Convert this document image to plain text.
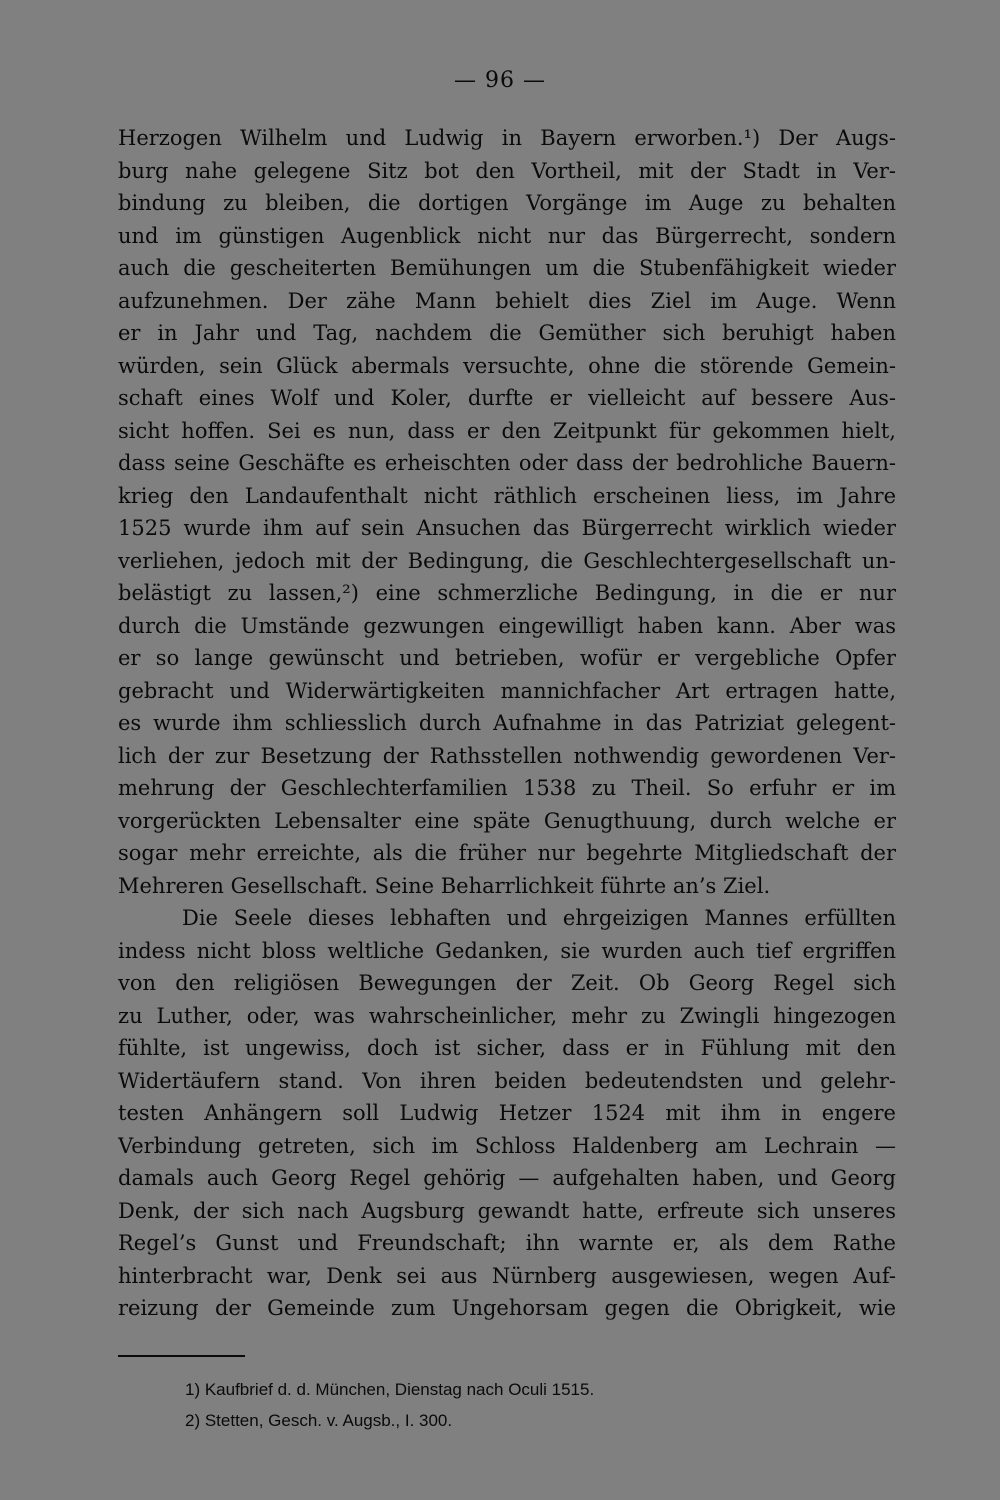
— 96 —
Herzogen Wilhelm und Ludwig in Bayern erworben.¹) Der Augs-
burg nahe gelegene Sitz bot den Vortheil, mit der Stadt in Ver-
bindung zu bleiben, die dortigen Vorgänge im Auge zu behalten
und im günstigen Augenblick nicht nur das Bürgerrecht, sondern
auch die gescheiterten Bemühungen um die Stubenfähigkeit wieder
aufzunehmen. Der zähe Mann behielt dies Ziel im Auge. Wenn
er in Jahr und Tag, nachdem die Gemüther sich beruhigt haben
würden, sein Glück abermals versuchte, ohne die störende Gemein-
schaft eines Wolf und Koler, durfte er vielleicht auf bessere Aus-
sicht hoffen. Sei es nun, dass er den Zeitpunkt für gekommen hielt,
dass seine Geschäfte es erheischten oder dass der bedrohliche Bauern-
krieg den Landaufenthalt nicht räthlich erscheinen liess, im Jahre
1525 wurde ihm auf sein Ansuchen das Bürgerrecht wirklich wieder
verliehen, jedoch mit der Bedingung, die Geschlechtergesellschaft un-
belästigt zu lassen,²) eine schmerzliche Bedingung, in die er nur
durch die Umstände gezwungen eingewilligt haben kann. Aber was
er so lange gewünscht und betrieben, wofür er vergebliche Opfer
gebracht und Widerwärtigkeiten mannichfacher Art ertragen hatte,
es wurde ihm schliesslich durch Aufnahme in das Patriziat gelegent-
lich der zur Besetzung der Rathsstellen nothwendig gewordenen Ver-
mehrung der Geschlechterfamilien 1538 zu Theil. So erfuhr er im
vorgerückten Lebensalter eine späte Genugthuung, durch welche er
sogar mehr erreichte, als die früher nur begehrte Mitgliedschaft der
Mehreren Gesellschaft. Seine Beharrlichkeit führte an’s Ziel.
Die Seele dieses lebhaften und ehrgeizigen Mannes erfüllten
indess nicht bloss weltliche Gedanken, sie wurden auch tief ergriffen
von den religiösen Bewegungen der Zeit. Ob Georg Regel sich
zu Luther, oder, was wahrscheinlicher, mehr zu Zwingli hingezogen
fühlte, ist ungewiss, doch ist sicher, dass er in Fühlung mit den
Widertäufern stand. Von ihren beiden bedeutendsten und gelehr-
testen Anhängern soll Ludwig Hetzer 1524 mit ihm in engere
Verbindung getreten, sich im Schloss Haldenberg am Lechrain —
damals auch Georg Regel gehörig — aufgehalten haben, und Georg
Denk, der sich nach Augsburg gewandt hatte, erfreute sich unseres
Regel’s Gunst und Freundschaft; ihn warnte er, als dem Rathe
hinterbracht war, Denk sei aus Nürnberg ausgewiesen, wegen Auf-
reizung der Gemeinde zum Ungehorsam gegen die Obrigkeit, wie
1) Kaufbrief d. d. München, Dienstag nach Oculi 1515.
2) Stetten, Gesch. v. Augsb., I. 300.
